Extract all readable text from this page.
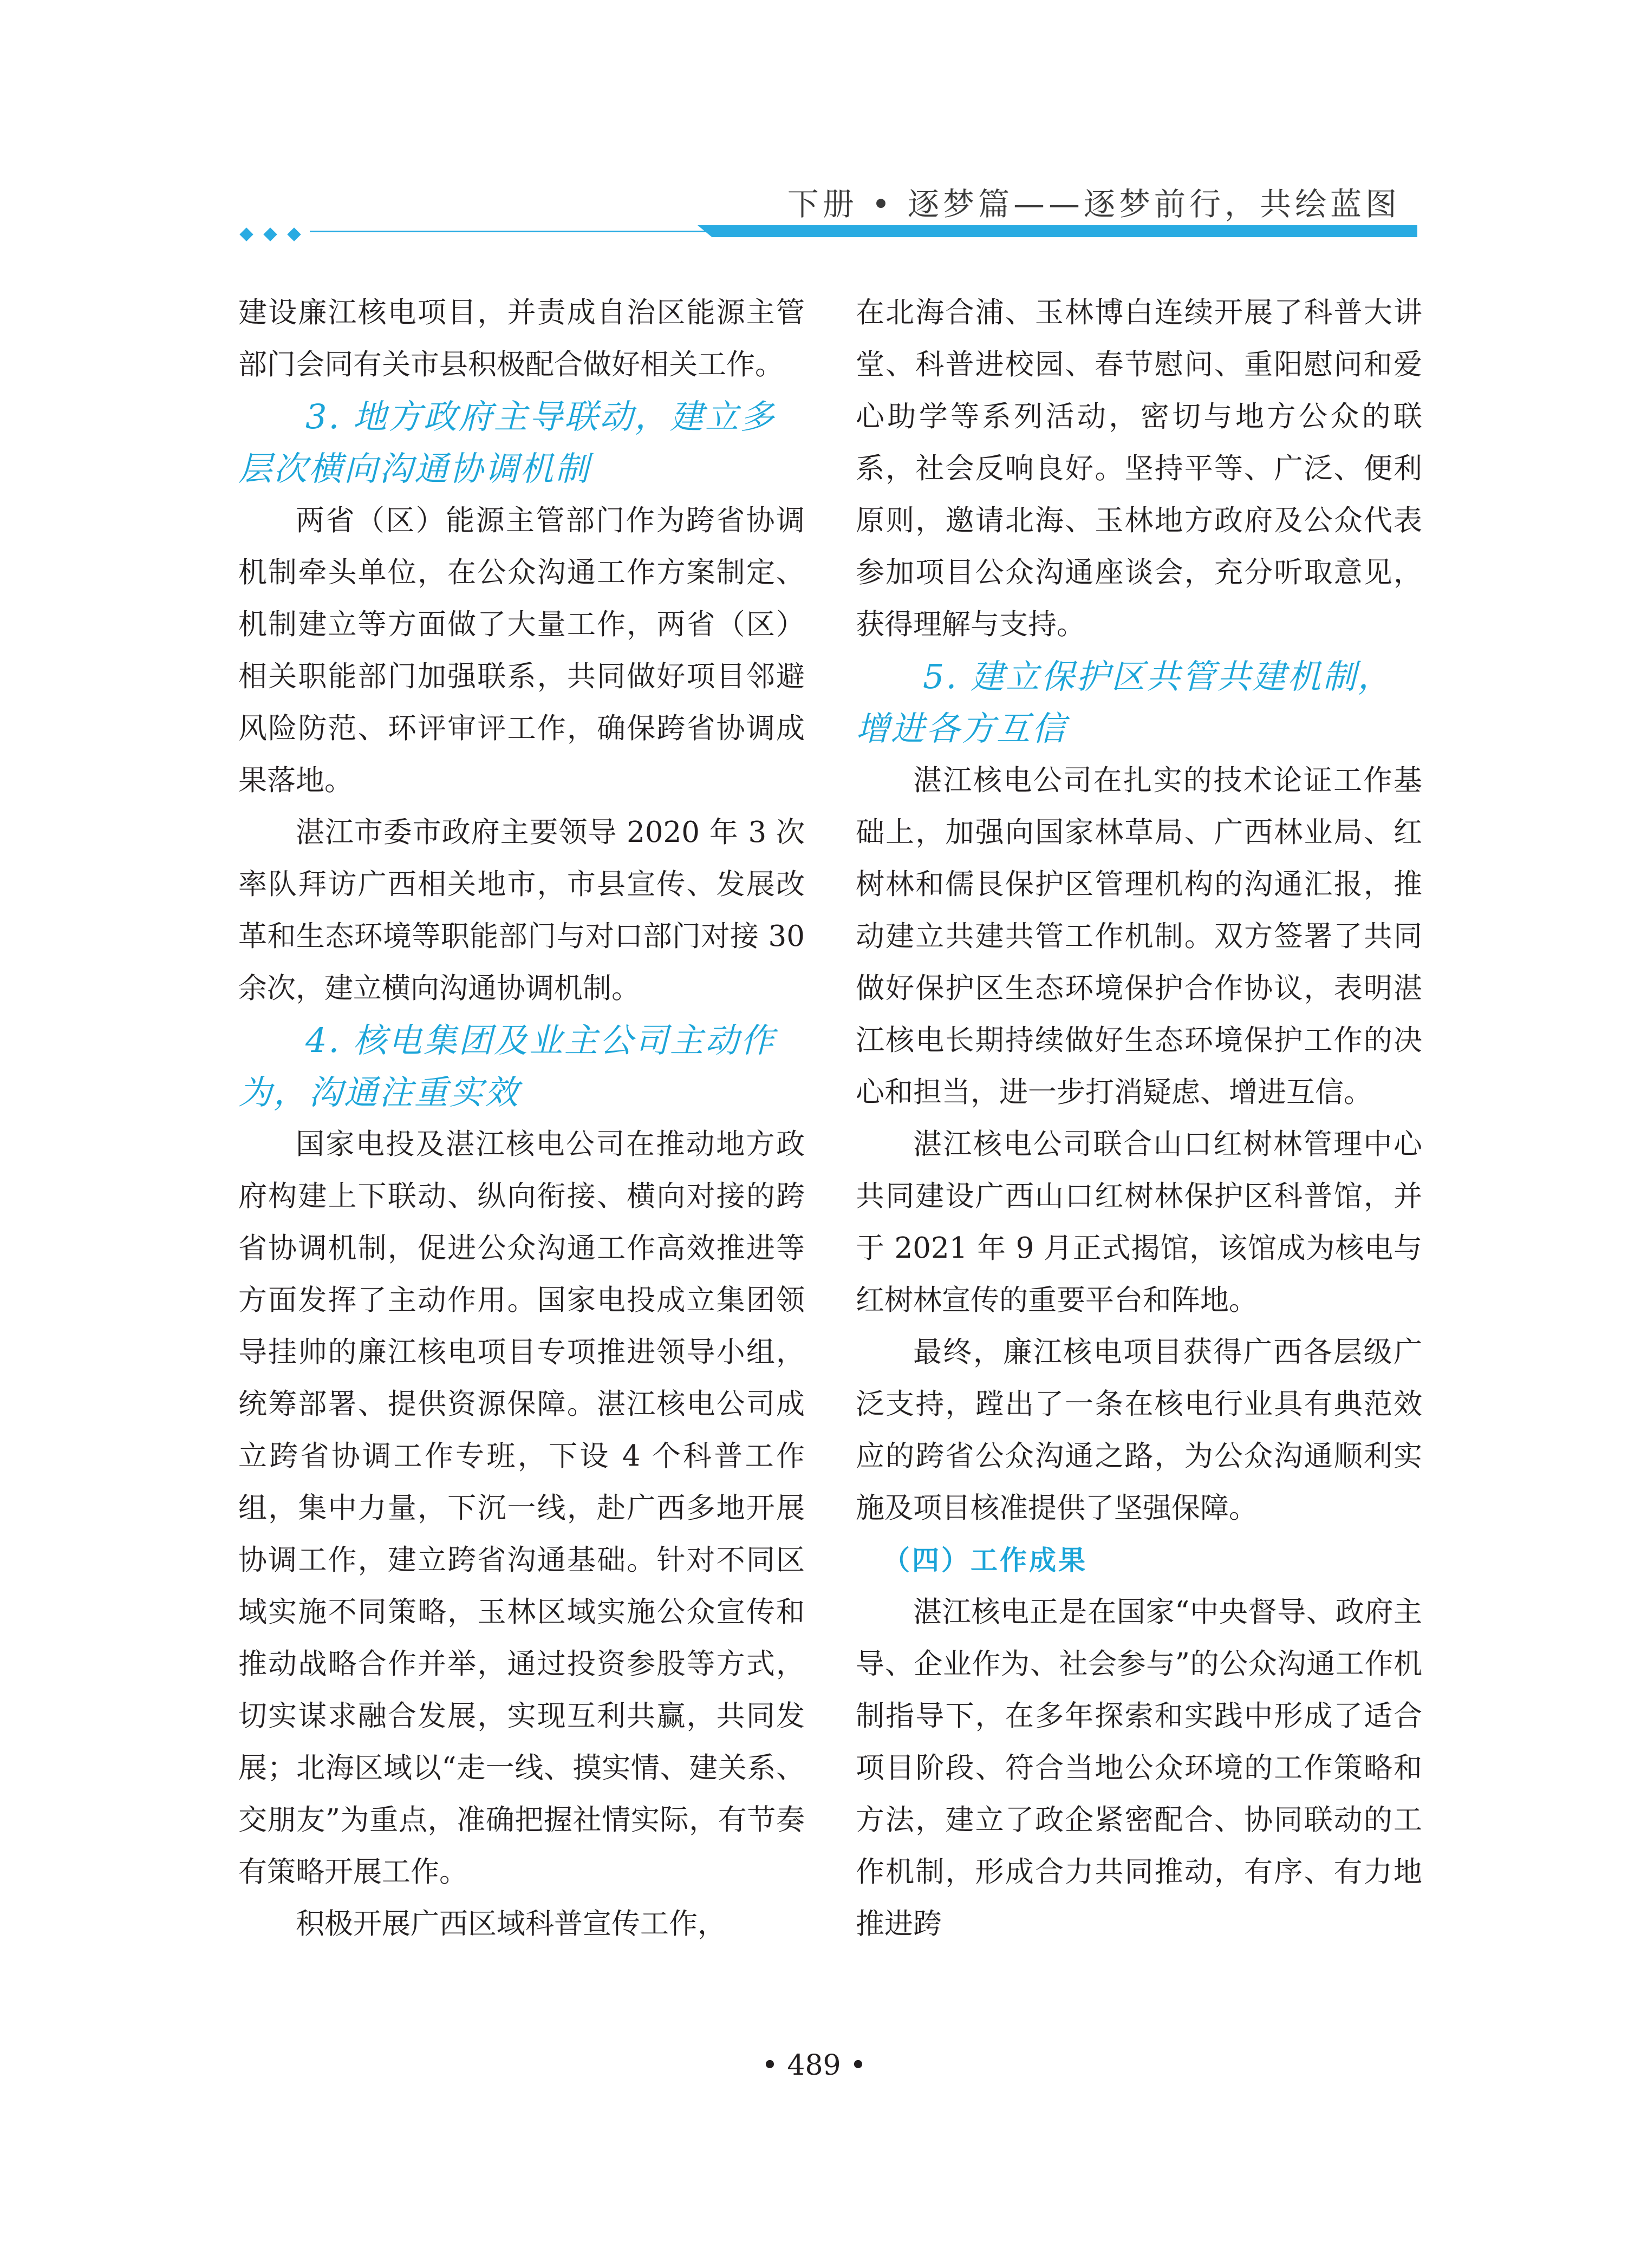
下册 • 逐梦篇——逐梦前行，共绘蓝图

建设廉江核电项目，并责成自治区能源主管部门会同有关市县积极配合做好相关工作。

3. 地方政府主导联动，建立多层次横向沟通协调机制

两省（区）能源主管部门作为跨省协调机制牵头单位，在公众沟通工作方案制定、机制建立等方面做了大量工作，两省（区）相关职能部门加强联系，共同做好项目邻避风险防范、环评审评工作，确保跨省协调成果落地。

湛江市委市政府主要领导 2020 年 3 次率队拜访广西相关地市，市县宣传、发展改革和生态环境等职能部门与对口部门对接 30 余次，建立横向沟通协调机制。

4. 核电集团及业主公司主动作为，沟通注重实效

国家电投及湛江核电公司在推动地方政府构建上下联动、纵向衔接、横向对接的跨省协调机制，促进公众沟通工作高效推进等方面发挥了主动作用。国家电投成立集团领导挂帅的廉江核电项目专项推进领导小组，统筹部署、提供资源保障。湛江核电公司成立跨省协调工作专班，下设 4 个科普工作组，集中力量，下沉一线，赴广西多地开展协调工作，建立跨省沟通基础。针对不同区域实施不同策略，玉林区域实施公众宣传和推动战略合作并举，通过投资参股等方式，切实谋求融合发展，实现互利共赢，共同发展；北海区域以“走一线、摸实情、建关系、交朋友”为重点，准确把握社情实际，有节奏有策略开展工作。

积极开展广西区域科普宣传工作，

在北海合浦、玉林博白连续开展了科普大讲堂、科普进校园、春节慰问、重阳慰问和爱心助学等系列活动，密切与地方公众的联系，社会反响良好。坚持平等、广泛、便利原则，邀请北海、玉林地方政府及公众代表参加项目公众沟通座谈会，充分听取意见，获得理解与支持。

5. 建立保护区共管共建机制，增进各方互信

湛江核电公司在扎实的技术论证工作基础上，加强向国家林草局、广西林业局、红树林和儒艮保护区管理机构的沟通汇报，推动建立共建共管工作机制。双方签署了共同做好保护区生态环境保护合作协议，表明湛江核电长期持续做好生态环境保护工作的决心和担当，进一步打消疑虑、增进互信。

湛江核电公司联合山口红树林管理中心共同建设广西山口红树林保护区科普馆，并于 2021 年 9 月正式揭馆，该馆成为核电与红树林宣传的重要平台和阵地。

最终，廉江核电项目获得广西各层级广泛支持，蹚出了一条在核电行业具有典范效应的跨省公众沟通之路，为公众沟通顺利实施及项目核准提供了坚强保障。

（四）工作成果

湛江核电正是在国家“中央督导、政府主导、企业作为、社会参与”的公众沟通工作机制指导下，在多年探索和实践中形成了适合项目阶段、符合当地公众环境的工作策略和方法，建立了政企紧密配合、协同联动的工作机制，形成合力共同推动，有序、有力地推进跨

• 489 •
